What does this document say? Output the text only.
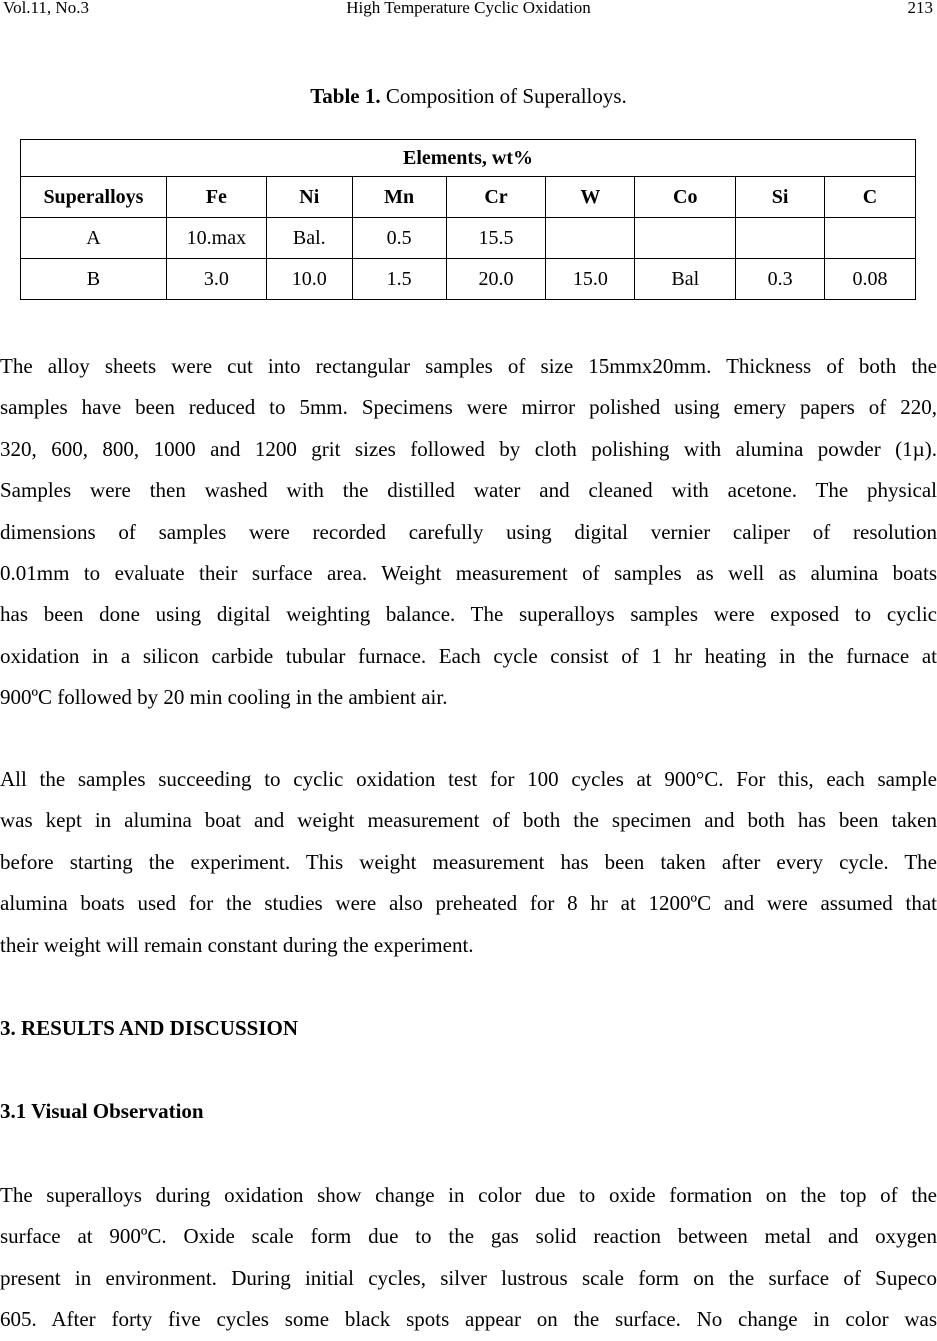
Vol.11, No.3	High Temperature Cyclic Oxidation	213
Table 1. Composition of Superalloys.
Elements, wt%								
Superalloys	Fe	Ni	Mn	Cr	W	Co	Si	C
A	10.max	Bal.	0.5	15.5				
B	3.0	10.0	1.5	20.0	15.0	Bal	0.3	0.08
The alloy sheets were cut into rectangular samples of size 15mmx20mm. Thickness of both the
samples have been reduced to 5mm. Specimens were mirror polished using emery papers of 220,
320, 600, 800, 1000 and 1200 grit sizes followed by cloth polishing with alumina powder (1µ).
Samples were then washed with the distilled water and cleaned with acetone. The physical
dimensions of samples were recorded carefully using digital vernier caliper of resolution
0.01mm to evaluate their surface area. Weight measurement of samples as well as alumina boats
has been done using digital weighting balance. The superalloys samples were exposed to cyclic
oxidation in a silicon carbide tubular furnace. Each cycle consist of 1 hr heating in the furnace at
900ºC followed by 20 min cooling in the ambient air.
All the samples succeeding to cyclic oxidation test for 100 cycles at 900°C. For this, each sample
was kept in alumina boat and weight measurement of both the specimen and both has been taken
before starting the experiment. This weight measurement has been taken after every cycle. The
alumina boats used for the studies were also preheated for 8 hr at 1200ºC and were assumed that
their weight will remain constant during the experiment.
3. RESULTS AND DISCUSSION
3.1 Visual Observation
The superalloys during oxidation show change in color due to oxide formation on the top of the
surface at 900ºC. Oxide scale form due to the gas solid reaction between metal and oxygen
present in environment. During initial cycles, silver lustrous scale form on the surface of Supeco
605. After forty five cycles some black spots appear on the surface. No change in color was
